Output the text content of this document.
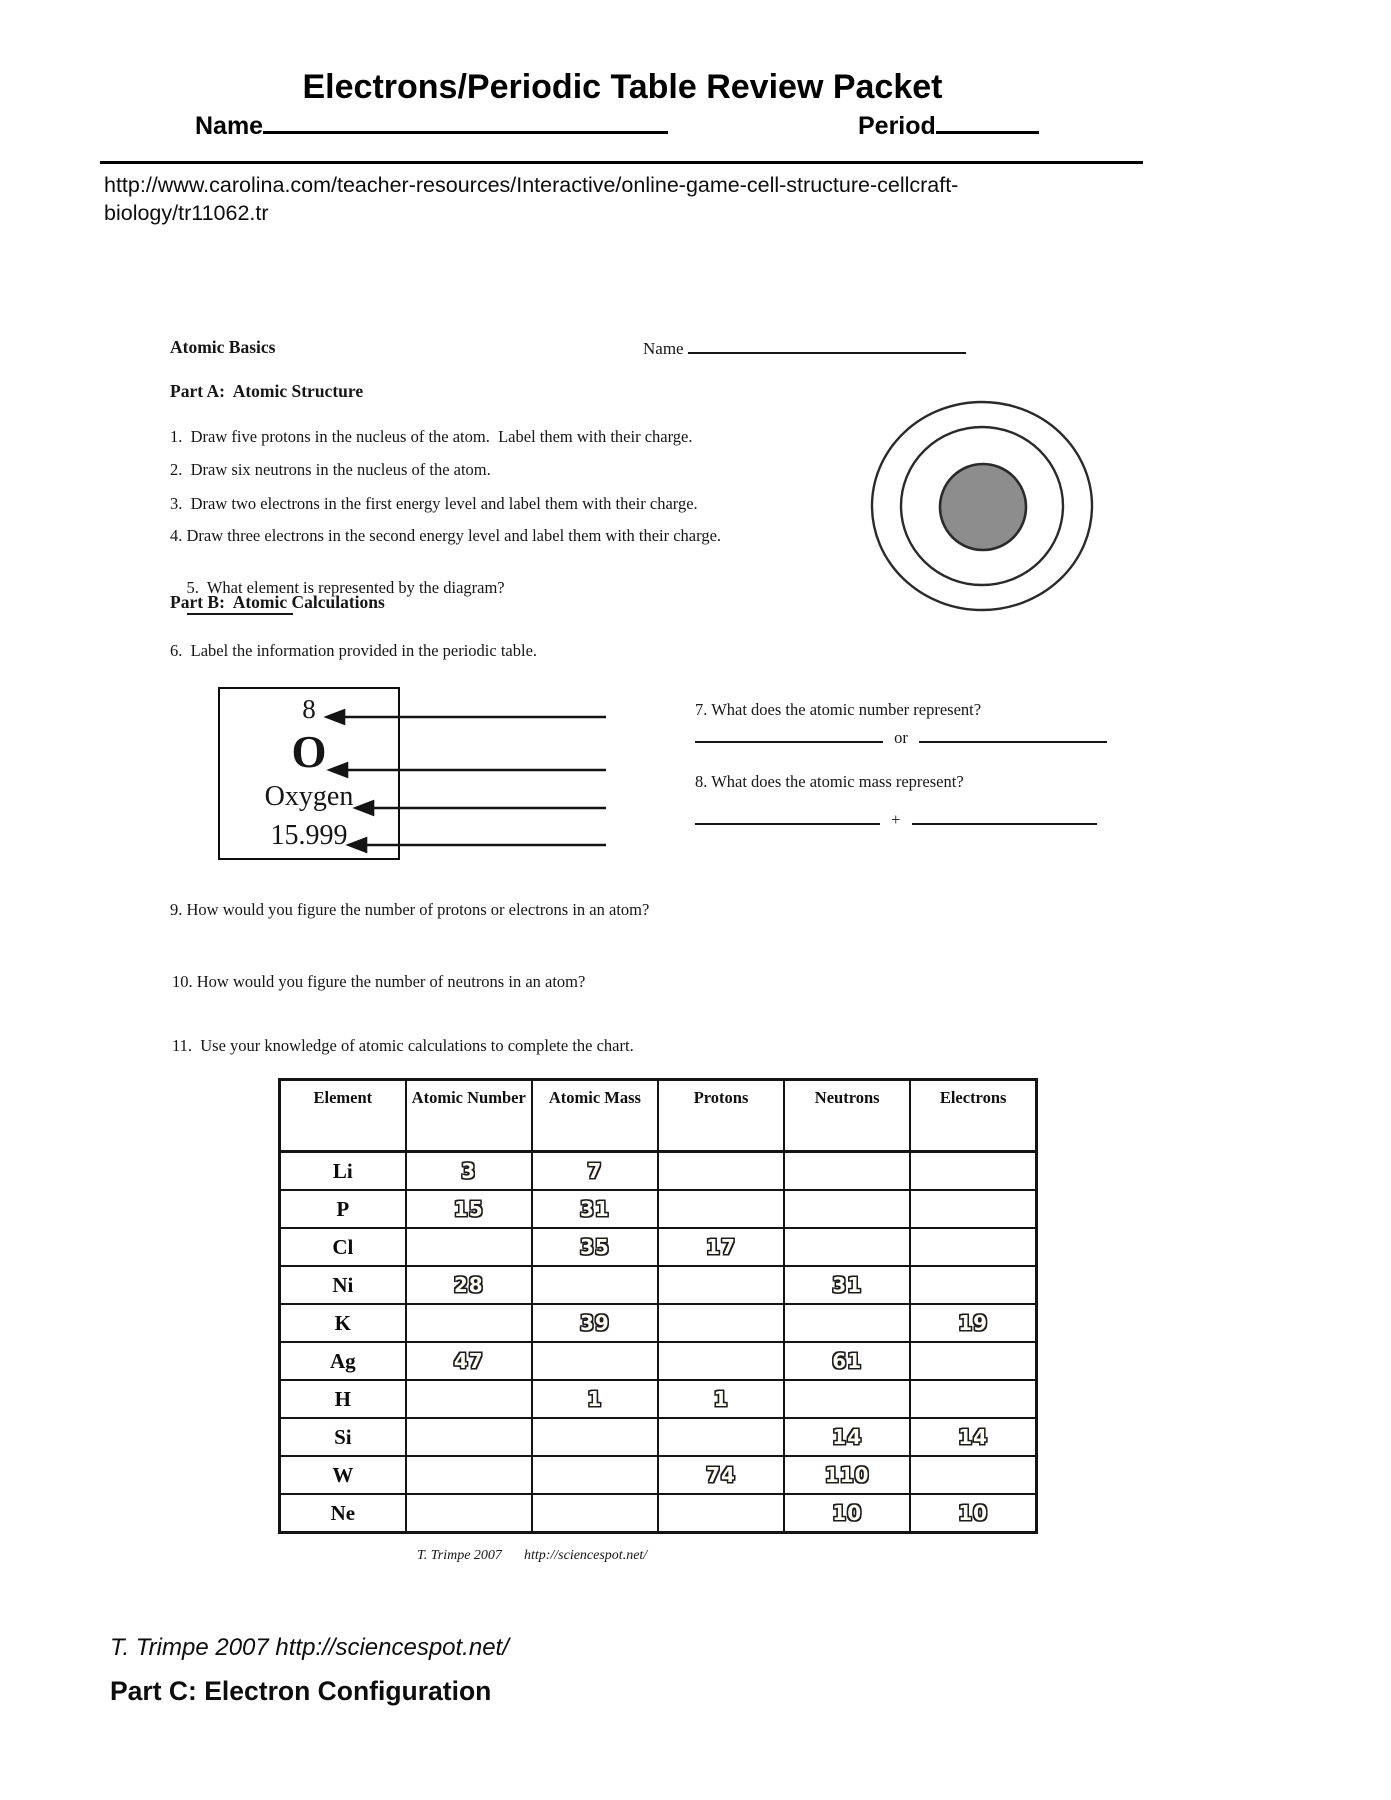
Electrons/Periodic Table Review Packet
Name	Period
http://www.carolina.com/teacher-resources/Interactive/online-game-cell-structure-cellcraft-biology/tr11062.tr
Atomic Basics	Name
Part A:  Atomic Structure
1.  Draw five protons in the nucleus of the atom.  Label them with their charge.
2.  Draw six neutrons in the nucleus of the atom.
3.  Draw two electrons in the first energy level and label them with their charge.
4. Draw three electrons in the second energy level and label them with their charge.

5.  What element is represented by the diagram?

Part B:  Atomic Calculations
6.  Label the information provided in the periodic table.
8
O
Oxygen
15.999
7. What does the atomic number represent?
or
8. What does the atomic mass represent?
+
9. How would you figure the number of protons or electrons in an atom?
10. How would you figure the number of neutrons in an atom?
11.  Use your knowledge of atomic calculations to complete the chart.
Element	Atomic Number	Atomic Mass	Protons	Neutrons	Electrons
Li	3	7			
P	15	31			
Cl		35	17		
Ni	28			31	
K		39			19
Ag	47			61	
H		1	1		
Si				14	14
W			74	110	
Ne				10	10
T. Trimpe 2007 http://sciencespot.net/
T. Trimpe 2007 http://sciencespot.net/
Part C: Electron Configuration
